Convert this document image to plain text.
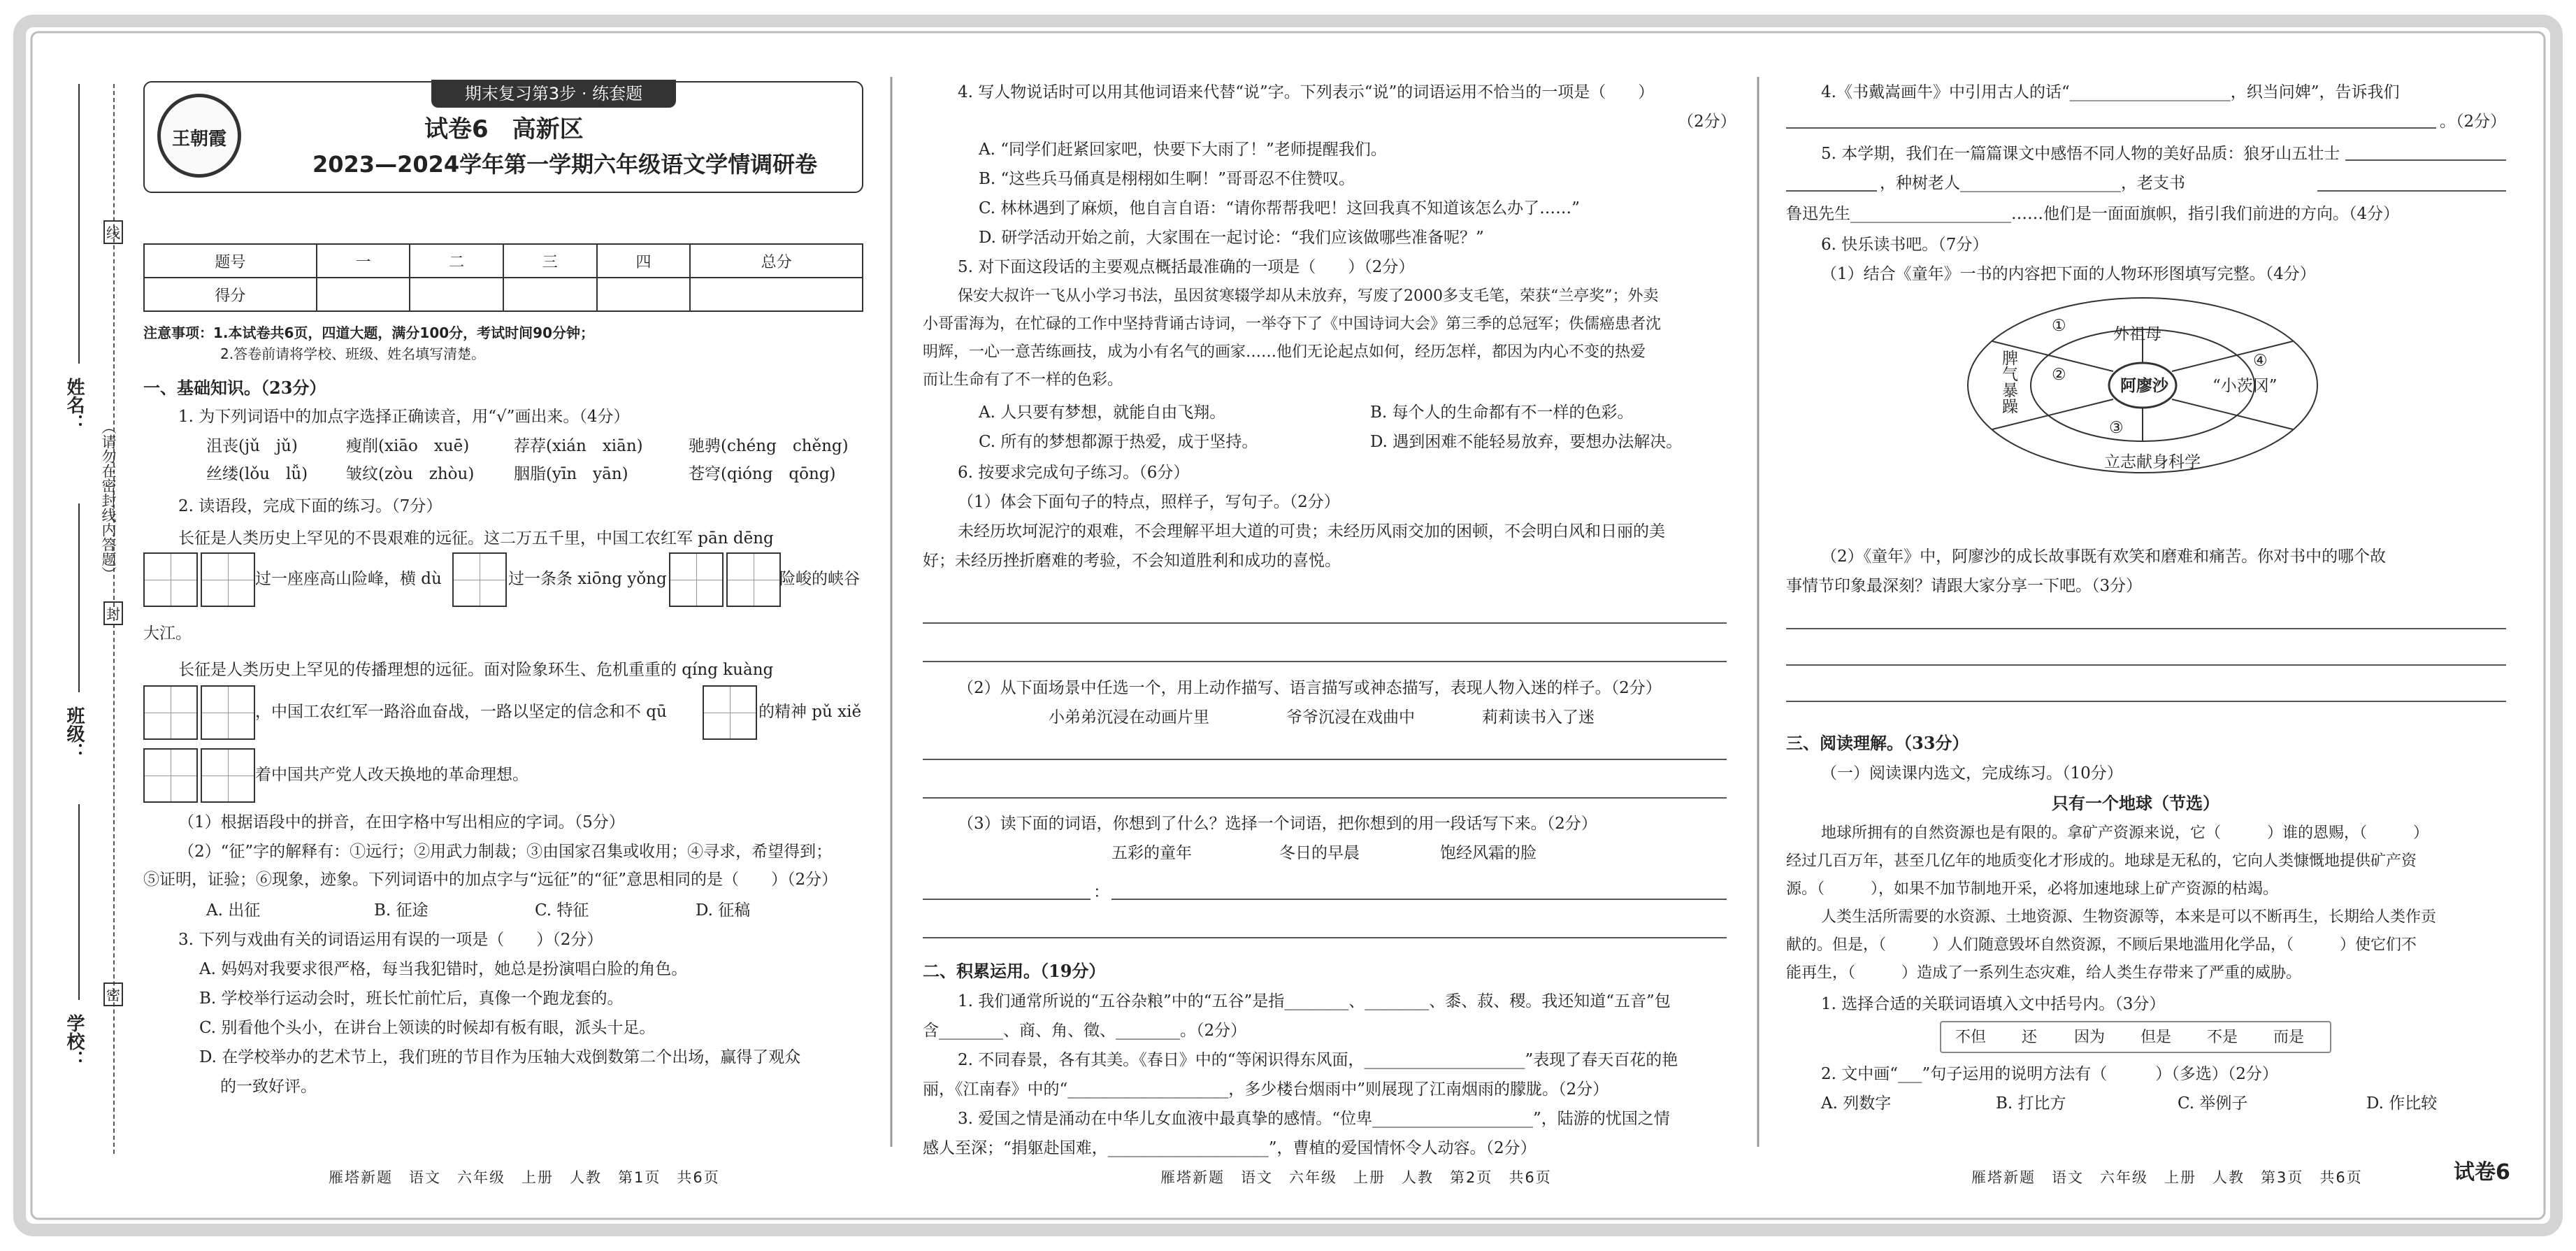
姓名：
班级：
学校：
线
封
密
（请勿在密封线内答题）
期末复习第3步 · 练套题
王朝霞	试卷6　高新区
2023—2024学年第一学期六年级语文学情调研卷
题号	一	二	三	四	总分
得分					

注意事项：1.本试卷共6页，四道大题，满分100分，考试时间90分钟；

2.答卷前请将学校、班级、姓名填写清楚。

一、基础知识。（23分）

1. 为下列词语中的加点字选择正确读音，用“√”画出来。（4分）

沮丧(jǔ　jǔ)	瘦削(xiāo　xuē)	荐荐(xián　xiān)	驰骋(chéng　chěng)

丝缕(lǒu　lǚ) 皱纹(zòu　zhòu) 胭脂(yīn　yān)	苍穹(qióng　qōng)

2. 读语段，完成下面的练习。（7分）

长征是人类历史上罕见的不畏艰难的远征。这二万五千里，中国工农红军 pān dēng

过一座座高山险峰，横 dù	过一条条 xiōng yǒng	险峻的峡谷

大江。

长征是人类历史上罕见的传播理想的远征。面对险象环生、危机重重的 qíng kuàng

，中国工农红军一路浴血奋战，一路以坚定的信念和不 qū	的精神 pǔ xiě

着中国共产党人改天换地的革命理想。

（1）根据语段中的拼音，在田字格中写出相应的字词。（5分）

（2）“征”字的解释有：①远行；②用武力制裁；③由国家召集或收用；④寻求，希望得到；

⑤证明，证验；⑥现象，迹象。下列词语中的加点字与“远征”的“征”意思相同的是（　　）（2分）

A. 出征	B. 征途	C. 特征	D. 征稿

3. 下列与戏曲有关的词语运用有误的一项是（　　）（2分）

A. 妈妈对我要求很严格，每当我犯错时，她总是扮演唱白脸的角色。

B. 学校举行运动会时，班长忙前忙后，真像一个跑龙套的。

C. 别看他个头小，在讲台上领读的时候却有板有眼，派头十足。

D. 在学校举办的艺术节上，我们班的节目作为压轴大戏倒数第二个出场，赢得了观众

的一致好评。

雁塔新题　语文　六年级　上册　人教　第1页　共6页

4. 写人物说话时可以用其他词语来代替“说”字。下列表示“说”的词语运用不恰当的一项是（　　）

（2分）

A. “同学们赶紧回家吧，快要下大雨了！”老师提醒我们。

B. “这些兵马俑真是栩栩如生啊！”哥哥忍不住赞叹。

C. 林林遇到了麻烦，他自言自语：“请你帮帮我吧！这回我真不知道该怎么办了……”

D. 研学活动开始之前，大家围在一起讨论：“我们应该做哪些准备呢？”

5. 对下面这段话的主要观点概括最准确的一项是（　　）（2分）

保安大叔许一飞从小学习书法，虽因贫寒辍学却从未放弃，写废了2000多支毛笔，荣获“兰亭奖”；外卖

小哥雷海为，在忙碌的工作中坚持背诵古诗词，一举夺下了《中国诗词大会》第三季的总冠军；佚儒癌患者沈

明辉，一心一意苦练画技，成为小有名气的画家……他们无论起点如何，经历怎样，都因为内心不变的热爱

而让生命有了不一样的色彩。

A. 人只要有梦想，就能自由飞翔。	B. 每个人的生命都有不一样的色彩。

C. 所有的梦想都源于热爱，成于坚持。	D. 遇到困难不能轻易放弃，要想办法解决。

6. 按要求完成句子练习。（6分）

（1）体会下面句子的特点，照样子，写句子。（2分）

未经历坎坷泥泞的艰难，不会理解平坦大道的可贵；未经历风雨交加的困顿，不会明白风和日丽的美

好；未经历挫折磨难的考验，不会知道胜利和成功的喜悦。

（2）从下面场景中任选一个，用上动作描写、语言描写或神态描写，表现人物入迷的样子。（2分）

小弟弟沉浸在动画片里	爷爷沉浸在戏曲中	莉莉读书入了迷

（3）读下面的词语，你想到了什么？选择一个词语，把你想到的用一段话写下来。（2分）

五彩的童年	冬日的早晨	饱经风霜的脸

：

二、积累运用。（19分）

1. 我们通常所说的“五谷杂粮”中的“五谷”是指________、________、黍、菽、稷。我还知道“五音”包

含________、商、角、徵、________。（2分）

2. 不同春景，各有其美。《春日》中的“等闲识得东风面，____________________”表现了春天百花的艳

丽，《江南春》中的“____________________，多少楼台烟雨中”则展现了江南烟雨的朦胧。（2分）

3. 爱国之情是涌动在中华儿女血液中最真挚的感情。“位卑____________________”，陆游的忧国之情

感人至深；“捐躯赴国难，____________________”，曹植的爱国情怀令人动容。（2分）

雁塔新题　语文　六年级　上册　人教　第2页　共6页

4.《书戴嵩画牛》中引用古人的话“____________________，织当问婢”，告诉我们

。（2分）

5. 本学期，我们在一篇篇课文中感悟不同人物的美好品质：狼牙山五壮士

，种树老人____________________，老支书

鲁迅先生____________________……他们是一面面旗帜，指引我们前进的方向。（4分）

6. 快乐读书吧。（7分）

（1）结合《童年》一书的内容把下面的人物环形图填写完整。（4分）

阿廖沙

外祖母

“小茨冈”

立志献身科学

脾气暴躁

①

②

③

④

（2）《童年》中，阿廖沙的成长故事既有欢笑和磨难和痛苦。你对书中的哪个故

事情节印象最深刻？请跟大家分享一下吧。（3分）

三、阅读理解。（33分）

（一）阅读课内选文，完成练习。（10分）

只有一个地球（节选）

地球所拥有的自然资源也是有限的。拿矿产资源来说，它（　　　）谁的恩赐，（　　　）

经过几百万年，甚至几亿年的地质变化才形成的。地球是无私的，它向人类慷慨地提供矿产资

源。（　　　），如果不加节制地开采，必将加速地球上矿产资源的枯竭。

人类生活所需要的水资源、土地资源、生物资源等，本来是可以不断再生，长期给人类作贡

献的。但是，（　　　）人们随意毁坏自然资源，不顾后果地滥用化学品，（　　　）使它们不

能再生，（　　　）造成了一系列生态灾难，给人类生存带来了严重的威胁。

1. 选择合适的关联词语填入文中括号内。（3分）

不但 还 因为 但是 不是 而是

2. 文中画“___”句子运用的说明方法有（　　　）（多选）（2分）

A. 列数字	B. 打比方	C. 举例子	D. 作比较

雁塔新题　语文　六年级　上册　人教　第3页　共6页	试卷6
